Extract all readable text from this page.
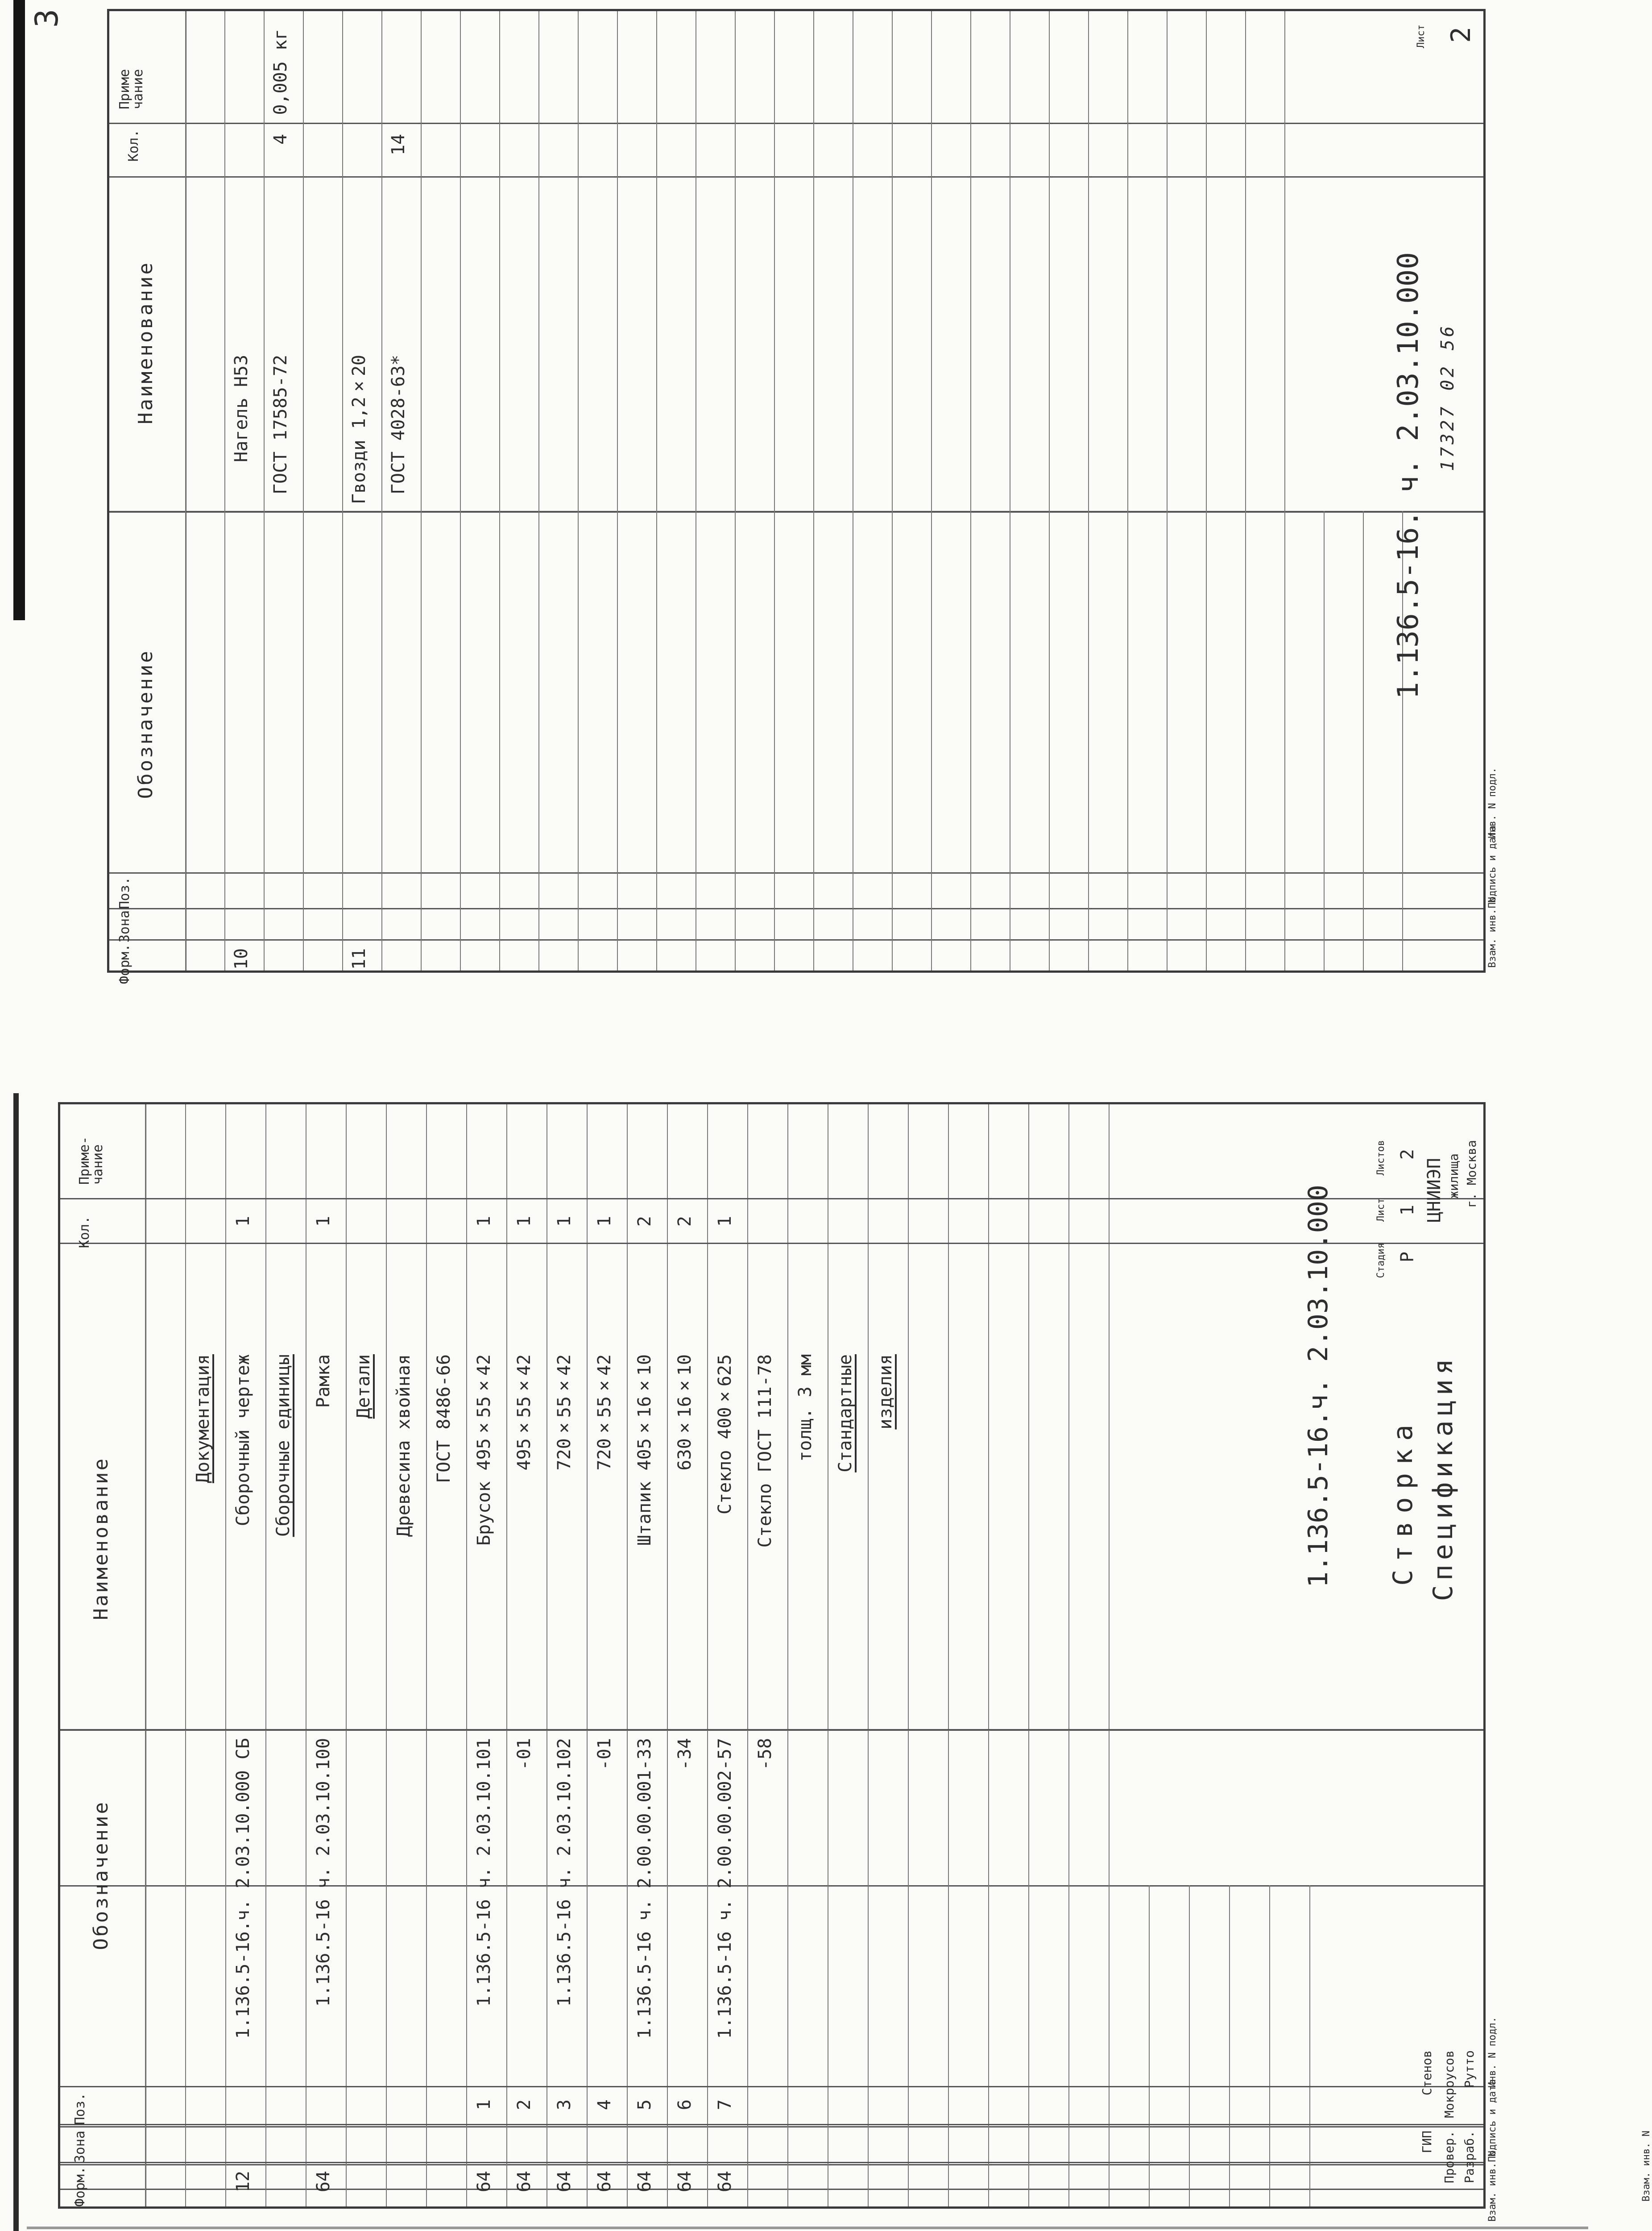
3
Документация
12
1.136.5-16.ч. 2.03.10.000 СБ
Сборочный чертеж
1
Сборочные единицы
64
1.136.5-16 ч. 2.03.10.100
Рамка
1
Детали Древесина хвойная ГОСТ 8486-66
64
1
1.136.5-16 ч. 2.03.10.101
Брусок 495×55×42
1
64
2
-01
495×55×42
1
64
3
1.136.5-16 ч. 2.03.10.102
720×55×42
1
64
4
-01
720×55×42
1
64
5
1.136.5-16 ч. 2.00.00.001-33
Штапик 405×16×10
2
64
6
-34
630×16×10
2
64
7
1.136.5-16 ч. 2.00.00.002-57
Стекло 400×625
1
-58
Стекло ГОСТ 111-78 толщ. 3 мм Стандартные изделия
Форм.
Зона
Поз.
Обозначение
Наименование
Кол.
Приме-чание
1.136.5-16.ч. 2.03.10.000 Створка Спецификация
Стадия
Лист
Листов
Р
1
2
ЦНИИЭП жилища г. Москва
ГИП
Стенов
Провер.
Мокроусов
Разраб.
Рутто
Взам. инв. N
Взам. инв. N
Подпись и дата
Инв. N подл.
10
Нагель Н53 ГОСТ 17585-72
4
0,005 кг
11
Гвозди 1,2×20 ГОСТ 4028-63*
14
Форм.
Зона
Поз.
Обозначение
Наименование
Кол.
Приме чание
1.136.5-16. ч. 2.03.10.000 17327 02 56
Лист 2
Взам. инв. N
Подпись и дата
Инв. N подл.
